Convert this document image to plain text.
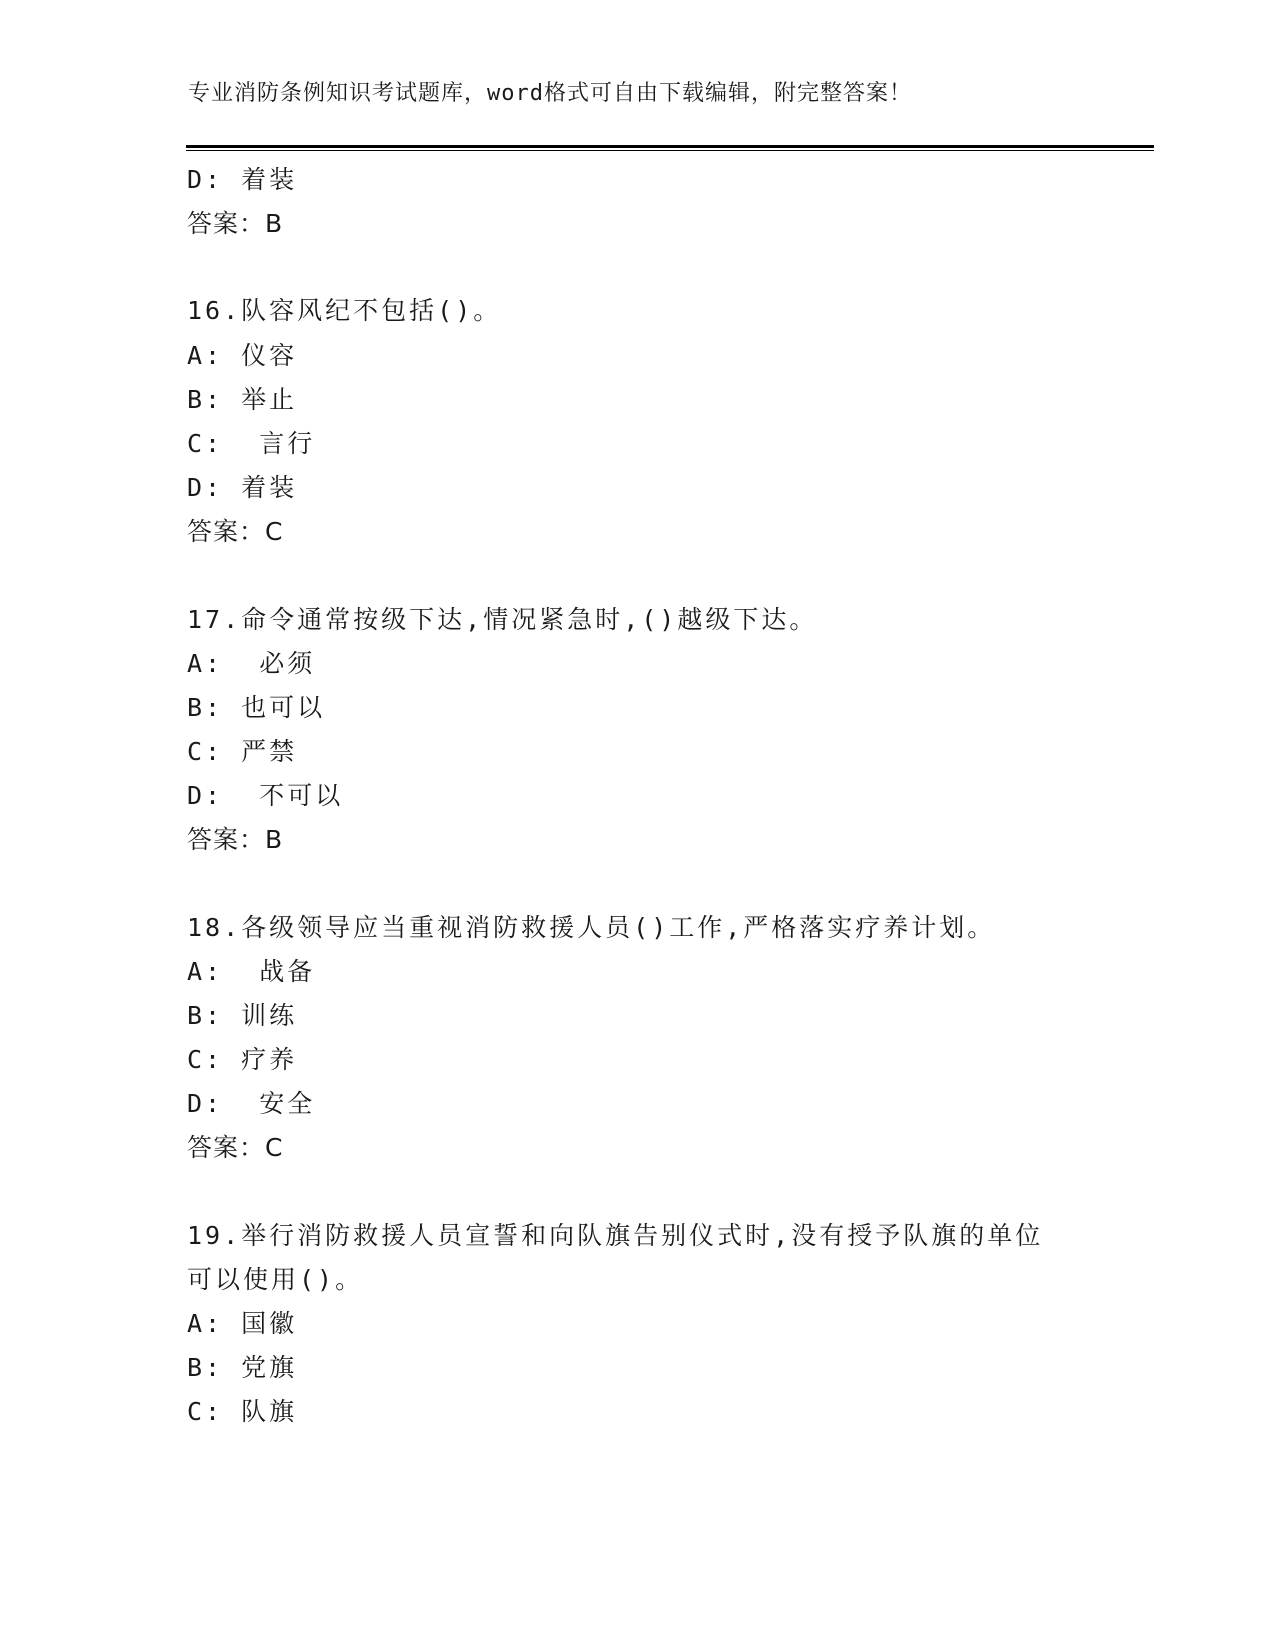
专业消防条例知识考试题库，word格式可自由下载编辑，附完整答案！
D: 着装
答案：B
16.队容风纪不包括()。
A: 仪容
B: 举止
C:  言行
D: 着装
答案：C
17.命令通常按级下达,情况紧急时,()越级下达。
A:  必须
B: 也可以
C: 严禁
D:  不可以
答案：B
18.各级领导应当重视消防救援人员()工作,严格落实疗养计划。
A:  战备
B: 训练
C: 疗养
D:  安全
答案：C
19.举行消防救援人员宣誓和向队旗告别仪式时,没有授予队旗的单位
可以使用()。
A: 国徽
B: 党旗
C: 队旗
